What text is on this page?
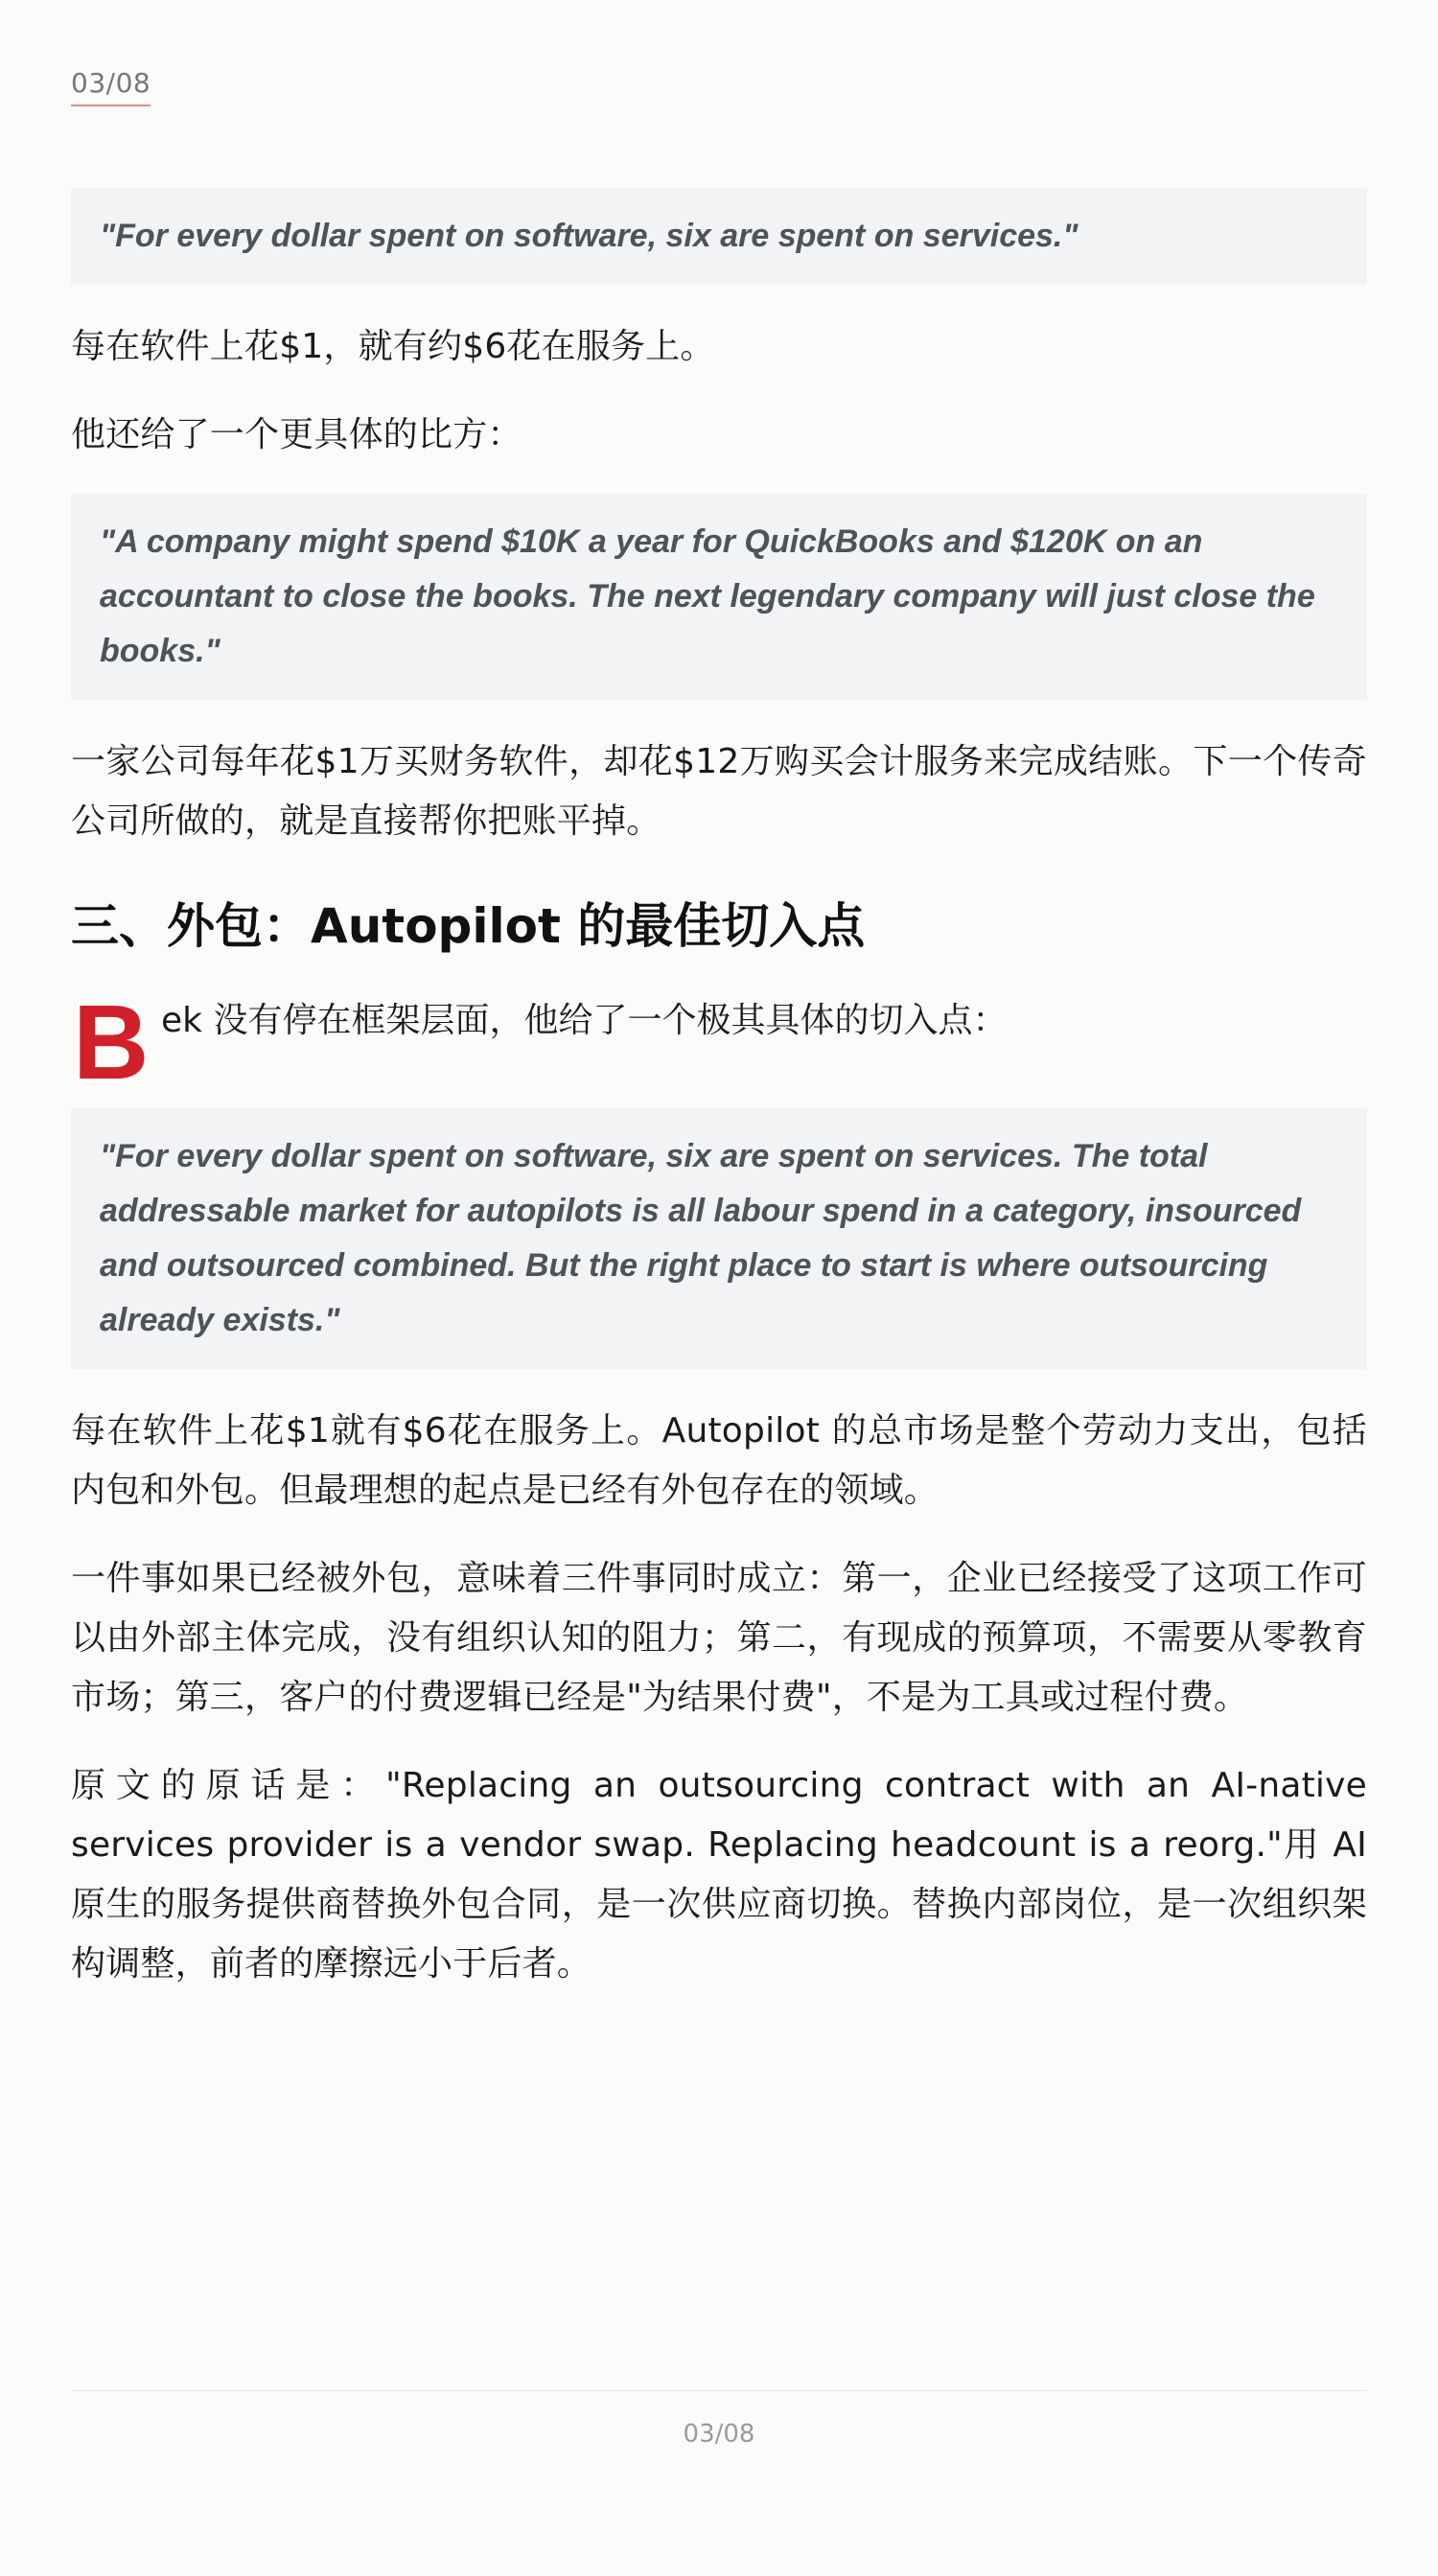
03/08
"For every dollar spent on software, six are spent on services."

每在软件上花$1，就有约$6花在服务上。

他还给了一个更具体的比方：

"A company might spend $10K a year for QuickBooks and $120K on an accountant to close the books. The next legendary company will just close the books."

一家公司每年花$1万买财务软件，却花$12万购买会计服务来完成结账。下一个传奇公司所做的，就是直接帮你把账平掉。

三、外包：Autopilot 的最佳切入点

B ek 没有停在框架层面，他给了一个极其具体的切入点：

"For every dollar spent on software, six are spent on services. The total addressable market for autopilots is all labour spend in a category, insourced and outsourced combined. But the right place to start is where outsourcing already exists."

每在软件上花$1就有$6花在服务上。Autopilot 的总市场是整个劳动力支出，包括内包和外包。但最理想的起点是已经有外包存在的领域。

一件事如果已经被外包，意味着三件事同时成立：第一，企业已经接受了这项工作可以由外部主体完成，没有组织认知的阻力；第二，有现成的预算项，不需要从零教育市场；第三，客户的付费逻辑已经是"为结果付费"，不是为工具或过程付费。

原文的原话是："Replacing an outsourcing contract with an AI-native services provider is a vendor swap. Replacing headcount is a reorg."用 AI 原生的服务提供商替换外包合同，是一次供应商切换。替换内部岗位，是一次组织架构调整，前者的摩擦远小于后者。

03/08
